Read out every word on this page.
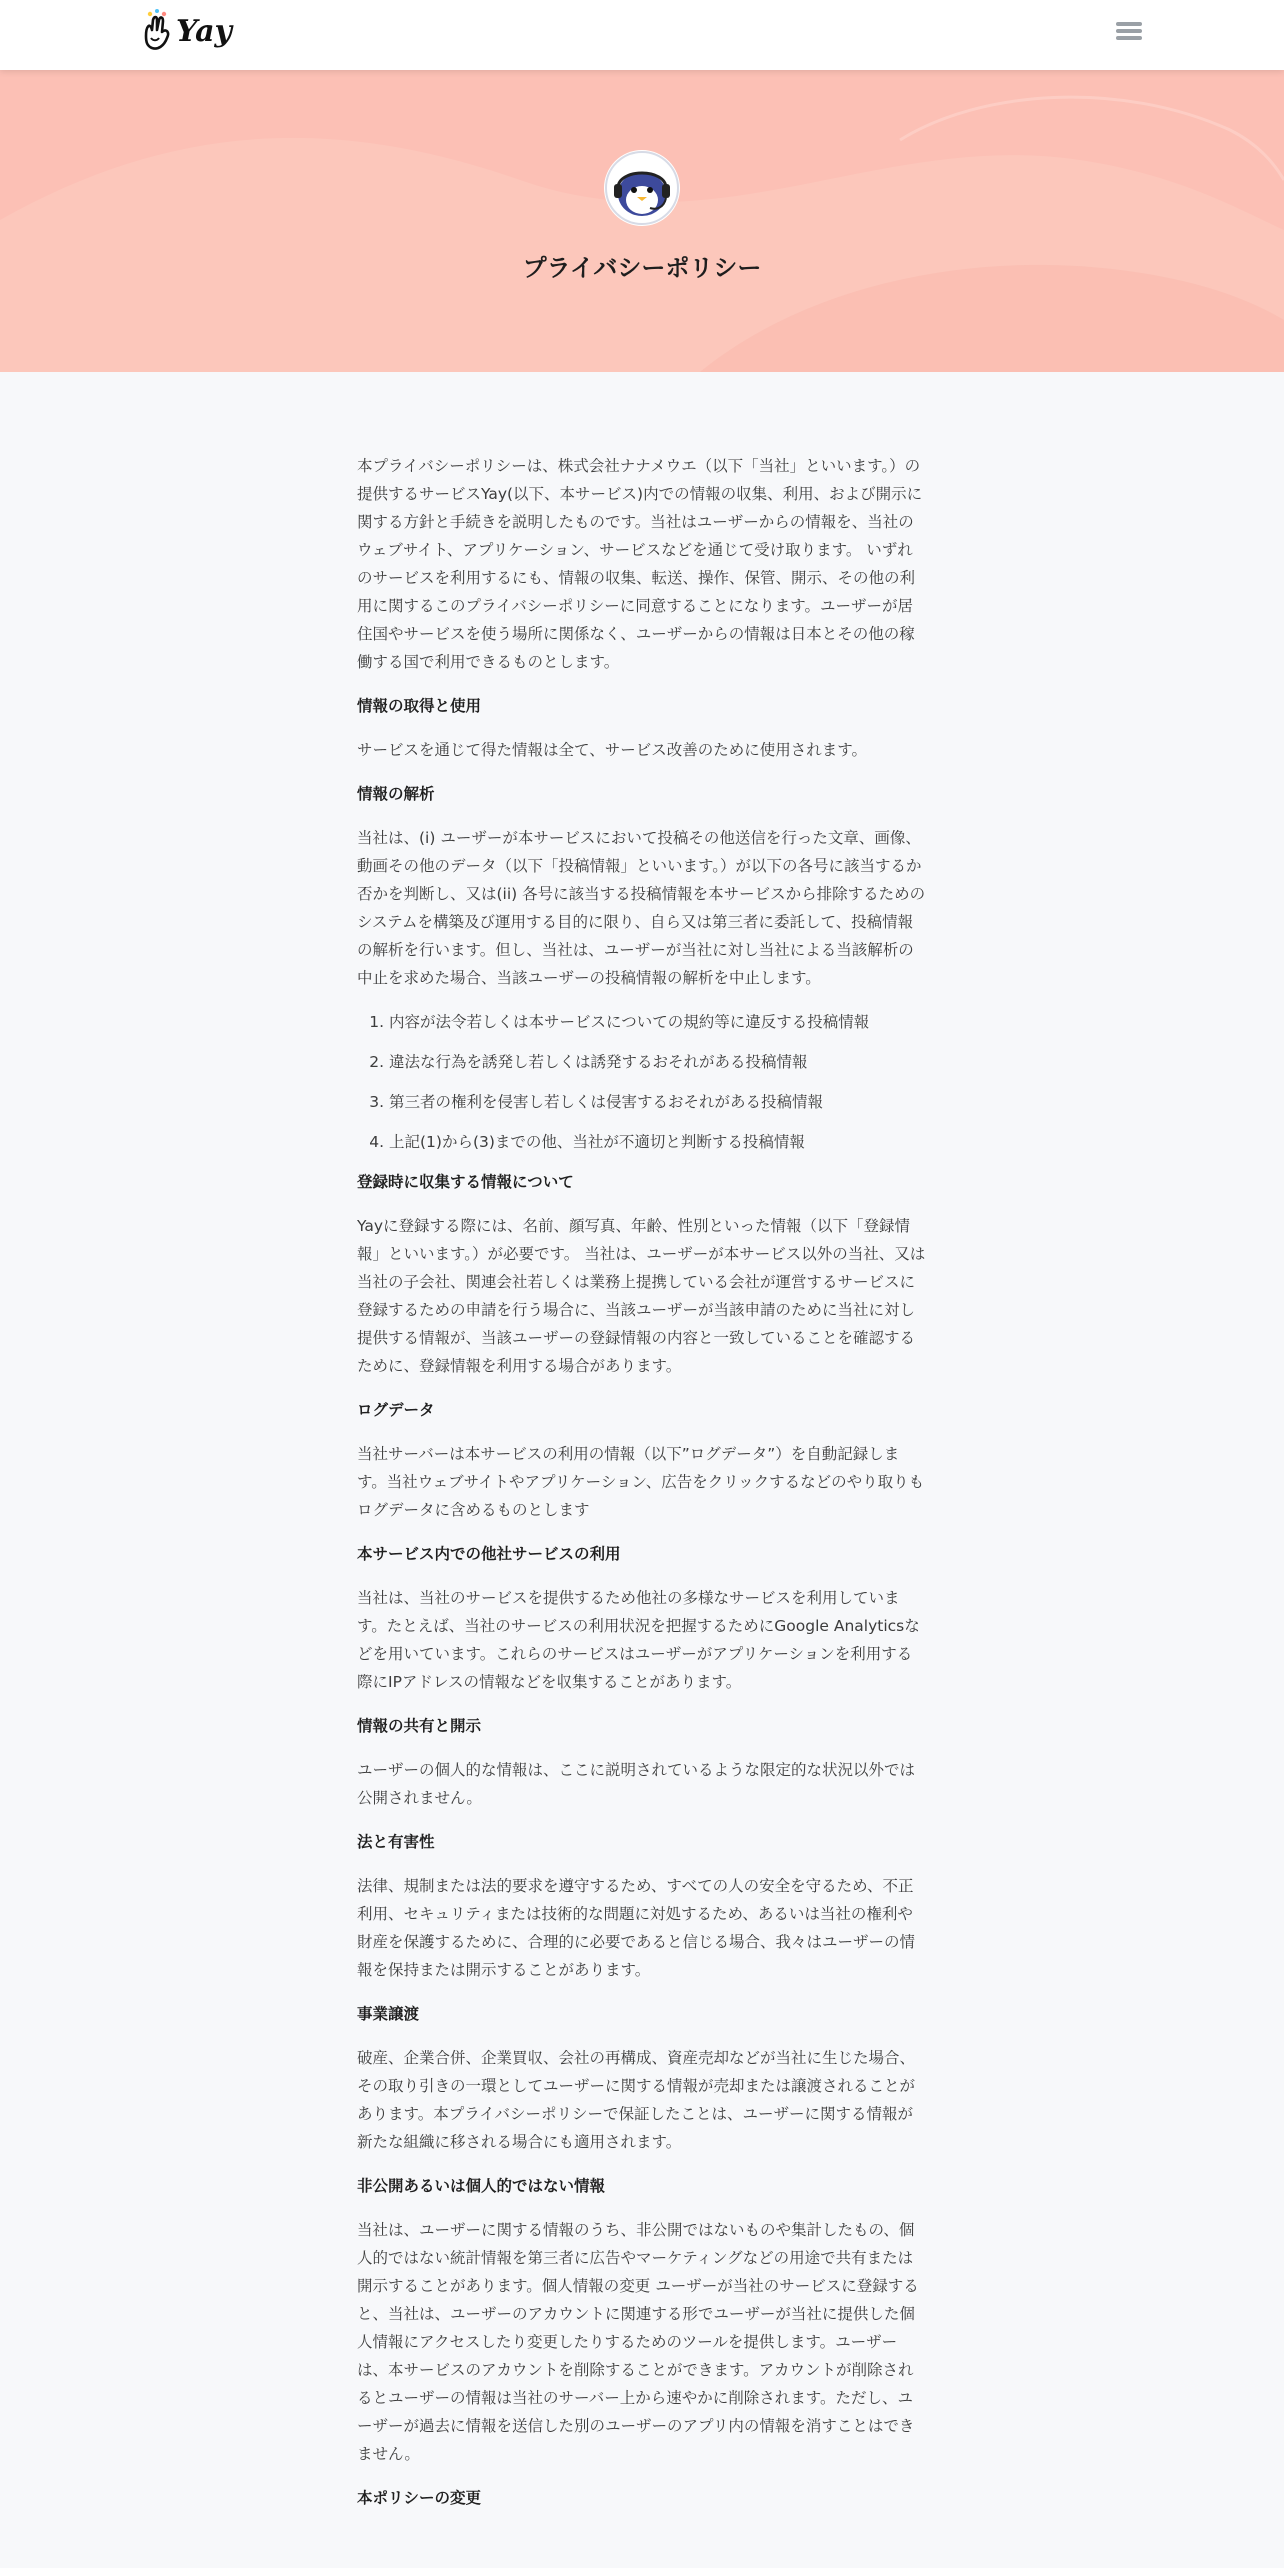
Yay
プライバシーポリシー

本プライバシーポリシーは、株式会社ナナメウエ（以下「当社」といいます。）の提供するサービスYay(以下、本サービス)内での情報の収集、利用、および開示に関する方針と手続きを説明したものです。当社はユーザーからの情報を、当社のウェブサイト、アプリケーション、サービスなどを通じて受け取ります。 いずれのサービスを利用するにも、情報の収集、転送、操作、保管、開示、その他の利用に関するこのプライバシーポリシーに同意することになります。ユーザーが居住国やサービスを使う場所に関係なく、ユーザーからの情報は日本とその他の稼働する国で利用できるものとします。

情報の取得と使用

サービスを通じて得た情報は全て、サービス改善のために使用されます。

情報の解析

当社は、(i) ユーザーが本サービスにおいて投稿その他送信を行った文章、画像、動画その他のデータ（以下「投稿情報」といいます。）が以下の各号に該当するか否かを判断し、又は(ii) 各号に該当する投稿情報を本サービスから排除するためのシステムを構築及び運用する目的に限り、自ら又は第三者に委託して、投稿情報の解析を行います。但し、当社は、ユーザーが当社に対し当社による当該解析の中止を求めた場合、当該ユーザーの投稿情報の解析を中止します。

1. 内容が法令若しくは本サービスについての規約等に違反する投稿情報
2. 違法な行為を誘発し若しくは誘発するおそれがある投稿情報
3. 第三者の権利を侵害し若しくは侵害するおそれがある投稿情報
4. 上記(1)から(3)までの他、当社が不適切と判断する投稿情報
登録時に収集する情報について

Yayに登録する際には、名前、顔写真、年齢、性別といった情報（以下「登録情報」といいます。）が必要です。 当社は、ユーザーが本サービス以外の当社、又は当社の子会社、関連会社若しくは業務上提携している会社が運営するサービスに登録するための申請を行う場合に、当該ユーザーが当該申請のために当社に対し提供する情報が、当該ユーザーの登録情報の内容と一致していることを確認するために、登録情報を利用する場合があります。

ログデータ

当社サーバーは本サービスの利用の情報（以下”ログデータ”）を自動記録します。当社ウェブサイトやアプリケーション、広告をクリックするなどのやり取りもログデータに含めるものとします

本サービス内での他社サービスの利用

当社は、当社のサービスを提供するため他社の多様なサービスを利用しています。たとえば、当社のサービスの利用状況を把握するためにGoogle Analyticsなどを用いています。これらのサービスはユーザーがアプリケーションを利用する際にIPアドレスの情報などを収集することがあります。

情報の共有と開示

ユーザーの個人的な情報は、ここに説明されているような限定的な状況以外では公開されません。

法と有害性

法律、規制または法的要求を遵守するため、すべての人の安全を守るため、不正利用、セキュリティまたは技術的な問題に対処するため、あるいは当社の権利や財産を保護するために、合理的に必要であると信じる場合、我々はユーザーの情報を保持または開示することがあります。

事業譲渡

破産、企業合併、企業買収、会社の再構成、資産売却などが当社に生じた場合、その取り引きの一環としてユーザーに関する情報が売却または譲渡されることがあります。本プライバシーポリシーで保証したことは、ユーザーに関する情報が新たな組織に移される場合にも適用されます。

非公開あるいは個人的ではない情報

当社は、ユーザーに関する情報のうち、非公開ではないものや集計したもの、個人的ではない統計情報を第三者に広告やマーケティングなどの用途で共有または開示することがあります。個人情報の変更 ユーザーが当社のサービスに登録すると、当社は、ユーザーのアカウントに関連する形でユーザーが当社に提供した個人情報にアクセスしたり変更したりするためのツールを提供します。ユーザーは、本サービスのアカウントを削除することができます。アカウントが削除されるとユーザーの情報は当社のサーバー上から速やかに削除されます。ただし、ユーザーが過去に情報を送信した別のユーザーのアプリ内の情報を消すことはできません。

本ポリシーの変更
